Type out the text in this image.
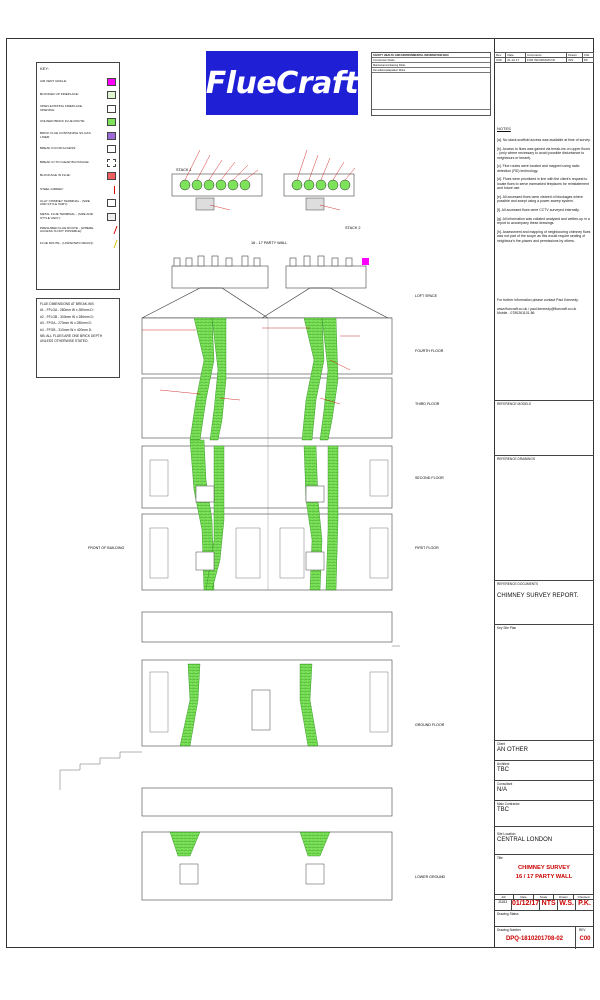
FlueCraft
KEY:
AIR VENT GRILLE:
BLOCKED UP FIREPLACE:
OPEN EXISTING FIREPLACE OPENING:
UNLINED BRICK FLUE ROUTE:
BRICK FLUE CONTAINING SS GAS LINER:
BREAK IN FOR ACCESS:
BREAK IN TO CLEAR BLOCKAGE:
BLOCKAGE IN FLUE:
STEEL GIRDER:
CLAY CHIMNEY TERMINAL - (SIZE AND STYLE VARY):
METAL FLUE TERMINAL - (SIZE AND STYLE VARY):
PRESUMED FLUE ROUTE - (WHERE ACCESS IS NOT POSSIBLE):
FLUE ROUTE - (UNKNOWN ORIGIN):
FLUE DIMENSIONS AT BREAK-INS:
#1 - FFLGA - 280mm W x 280mm D:
#2 - FFLGB - 300mm W x 280mm D:
#3 - FFGA - 270mm W x 280mm D:
#4 - FFGB - 310mm W x 420mm D:
NB: ALL FLUES ARE ONE BRICK DEPTH UNLESS OTHERWISE STATED.
SAFETY HEALTH AND ENVIRONMENTAL INFORMATION BOX
Construction Risks
Maintenance/cleaning Risks
Demolition/adaptation Risks
Rev	Date	Comments	Drawn	Chk
C00	01.12.17	FOR INFORMATION	WS	PK
NOTES

[a]. No stack scaffold access was available at time of survey.

[b]. Access to flues was gained via break-ins on upper floors - (only where necessary to avoid possible disturbance to neighbours or tenant).

[c]. Flue routes were located and mapped using radio detection (RD) technology.

[d]. Flues were prioritized in line with the client's request to locate flues to serve earmarked fireplaces for reinstatement and future use.

[e]. All accessed flues were cleared of blockages where possible and swept using a power-sweep system.

[f]. All accessed flues were CCTV surveyed internally.

[g]. All information was collated analysed and written-up in a report to accompany these drawings.

[h]. Assessment and mapping of neighbouring chimney flues was not part of the scope as this would require sealing of neighbour's fire-places and permissions by others.

For further information please contact Paul Kennedy.
www.fluecraft.co.uk / paul.kennedy@fluecraft.co.uk
Mobile - 0780261101.86
REFERENCE MODELS
REFERENCE DRAWINGS
REFERENCE DOCUMENTS
CHIMNEY SURVEY REPORT.
Key Site Plan
Client
AN OTHER
Architect
TBC
Consultant
N/A
Main Contractor
TBC
Site Location
CENTRAL LONDON
Title
CHIMNEY SURVEY
16 / 17 PARTY WALL
Job	Date	Scale	Drawn	Checked
J3183 01/12/17 NTS W.S. P.K.
Drawing Status
Drawing Number
DPQ-1810201708-02
REV
C00
STACK 1
STACK 2
16 - 17 PARTY WALL
LOFT SPACE
FOURTH FLOOR
THIRD FLOOR
SECOND FLOOR
FIRST FLOOR
GROUND FLOOR
LOWER GROUND
FRONT OF BUILDING
